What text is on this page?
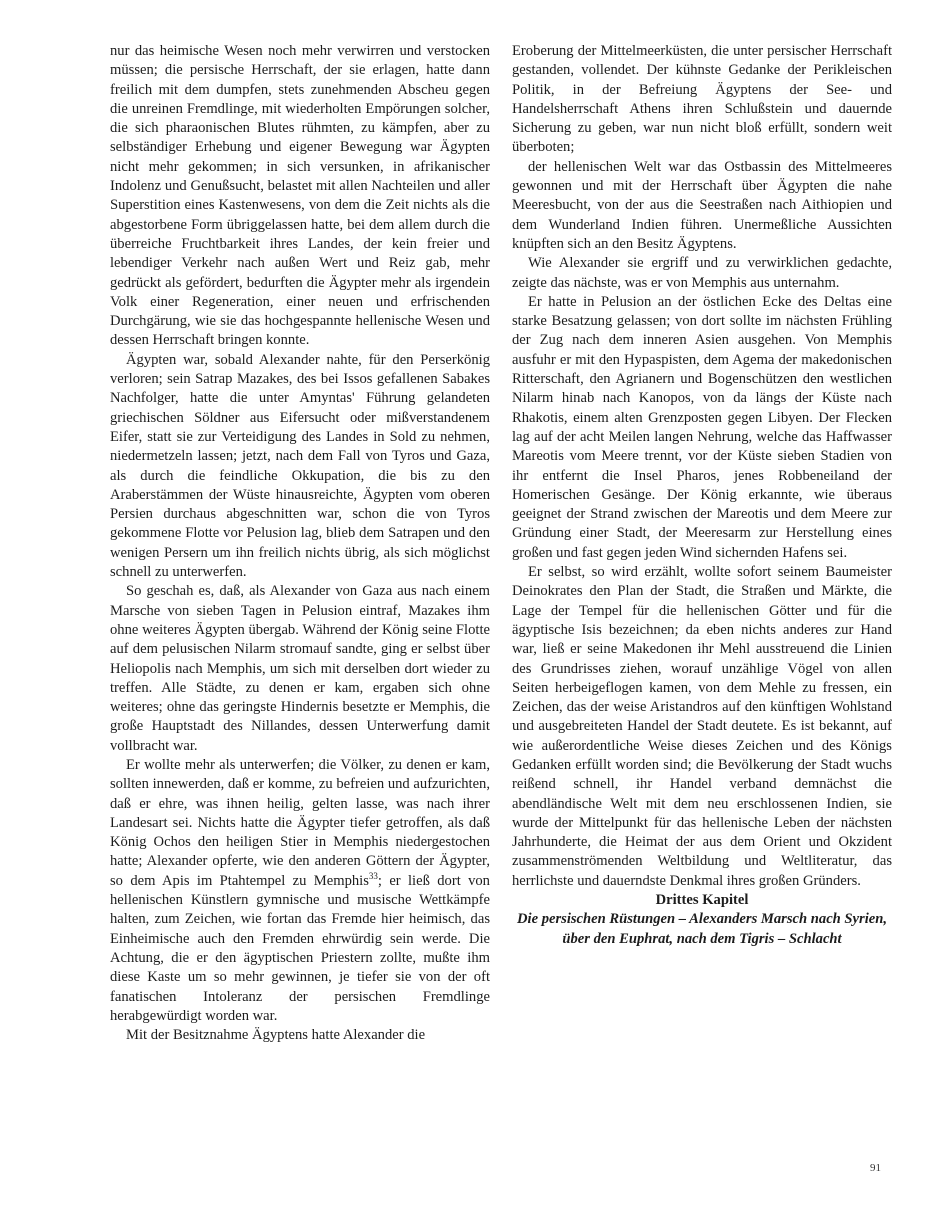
nur das heimische Wesen noch mehr verwirren und verstocken müssen; die persische Herrschaft, der sie erlagen, hatte dann freilich mit dem dumpfen, stets zunehmenden Abscheu gegen die unreinen Fremdlinge, mit wiederholten Empörungen solcher, die sich pharaonischen Blutes rühmten, zu kämpfen, aber zu selbständiger Erhebung und eigener Bewegung war Ägypten nicht mehr gekommen; in sich versunken, in afrikanischer Indolenz und Genußsucht, belastet mit allen Nachteilen und aller Superstition eines Kastenwesens, von dem die Zeit nichts als die abgestorbene Form übriggelassen hatte, bei dem allem durch die überreiche Fruchtbarkeit ihres Landes, der kein freier und lebendiger Verkehr nach außen Wert und Reiz gab, mehr gedrückt als gefördert, bedurften die Ägypter mehr als irgendein Volk einer Regeneration, einer neuen und erfrischenden Durchgärung, wie sie das hochgespannte hellenische Wesen und dessen Herrschaft bringen konnte.

Ägypten war, sobald Alexander nahte, für den Perserkönig verloren; sein Satrap Mazakes, des bei Issos gefallenen Sabakes Nachfolger, hatte die unter Amyntas' Führung gelandeten griechischen Söldner aus Eifersucht oder mißverstandenem Eifer, statt sie zur Verteidigung des Landes in Sold zu nehmen, niedermetzeln lassen; jetzt, nach dem Fall von Tyros und Gaza, als durch die feindliche Okkupation, die bis zu den Araberstämmen der Wüste hinausreichte, Ägypten vom oberen Persien durchaus abgeschnitten war, schon die von Tyros gekommene Flotte vor Pelusion lag, blieb dem Satrapen und den wenigen Persern um ihn freilich nichts übrig, als sich möglichst schnell zu unterwerfen.

So geschah es, daß, als Alexander von Gaza aus nach einem Marsche von sieben Tagen in Pelusion eintraf, Mazakes ihm ohne weiteres Ägypten übergab. Während der König seine Flotte auf dem pelusischen Nilarm stromauf sandte, ging er selbst über Heliopolis nach Memphis, um sich mit derselben dort wieder zu treffen. Alle Städte, zu denen er kam, ergaben sich ohne weiteres; ohne das geringste Hindernis besetzte er Memphis, die große Hauptstadt des Nillandes, dessen Unterwerfung damit vollbracht war.

Er wollte mehr als unterwerfen; die Völker, zu denen er kam, sollten innewerden, daß er komme, zu befreien und aufzurichten, daß er ehre, was ihnen heilig, gelten lasse, was nach ihrer Landesart sei. Nichts hatte die Ägypter tiefer getroffen, als daß König Ochos den heiligen Stier in Memphis niedergestochen hatte; Alexander opferte, wie den anderen Göttern der Ägypter, so dem Apis im Ptahtempel zu Memphis$^{33}$; er ließ dort von hellenischen Künstlern gymnische und musische Wettkämpfe halten, zum Zeichen, wie fortan das Fremde hier heimisch, das Einheimische auch den Fremden ehrwürdig sein werde. Die Achtung, die er den ägyptischen Priestern zollte, mußte ihm diese Kaste um so mehr gewinnen, je tiefer sie von der oft fanatischen Intoleranz der persischen Fremdlinge herabgewürdigt worden war.

Mit der Besitznahme Ägyptens hatte Alexander die

Eroberung der Mittelmeerküsten, die unter persischer Herrschaft gestanden, vollendet. Der kühnste Gedanke der Perikleischen Politik, in der Befreiung Ägyptens der See- und Handelsherrschaft Athens ihren Schlußstein und dauernde Sicherung zu geben, war nun nicht bloß erfüllt, sondern weit überboten;

der hellenischen Welt war das Ostbassin des Mittelmeeres gewonnen und mit der Herrschaft über Ägypten die nahe Meeresbucht, von der aus die Seestraßen nach Aithiopien und dem Wunderland Indien führen. Unermeßliche Aussichten knüpften sich an den Besitz Ägyptens.

Wie Alexander sie ergriff und zu verwirklichen gedachte, zeigte das nächste, was er von Memphis aus unternahm.

Er hatte in Pelusion an der östlichen Ecke des Deltas eine starke Besatzung gelassen; von dort sollte im nächsten Frühling der Zug nach dem inneren Asien ausgehen. Von Memphis ausfuhr er mit den Hypaspisten, dem Agema der makedonischen Ritterschaft, den Agrianern und Bogenschützen den westlichen Nilarm hinab nach Kanopos, von da längs der Küste nach Rhakotis, einem alten Grenzposten gegen Libyen. Der Flecken lag auf der acht Meilen langen Nehrung, welche das Haffwasser Mareotis vom Meere trennt, vor der Küste sieben Stadien von ihr entfernt die Insel Pharos, jenes Robbeneiland der Homerischen Gesänge. Der König erkannte, wie überaus geeignet der Strand zwischen der Mareotis und dem Meere zur Gründung einer Stadt, der Meeresarm zur Herstellung eines großen und fast gegen jeden Wind sichernden Hafens sei.

Er selbst, so wird erzählt, wollte sofort seinem Baumeister Deinokrates den Plan der Stadt, die Straßen und Märkte, die Lage der Tempel für die hellenischen Götter und für die ägyptische Isis bezeichnen; da eben nichts anderes zur Hand war, ließ er seine Makedonen ihr Mehl ausstreuend die Linien des Grundrisses ziehen, worauf unzählige Vögel von allen Seiten herbeigeflogen kamen, von dem Mehle zu fressen, ein Zeichen, das der weise Aristandros auf den künftigen Wohlstand und ausgebreiteten Handel der Stadt deutete. Es ist bekannt, auf wie außerordentliche Weise dieses Zeichen und des Königs Gedanken erfüllt worden sind; die Bevölkerung der Stadt wuchs reißend schnell, ihr Handel verband demnächst die abendländische Welt mit dem neu erschlossenen Indien, sie wurde der Mittelpunkt für das hellenische Leben der nächsten Jahrhunderte, die Heimat der aus dem Orient und Okzident zusammenströmenden Weltbildung und Weltliteratur, das herrlichste und dauerndste Denkmal ihres großen Gründers.

Drittes Kapitel

Die persischen Rüstungen – Alexanders Marsch nach Syrien, über den Euphrat, nach dem Tigris – Schlacht

91
